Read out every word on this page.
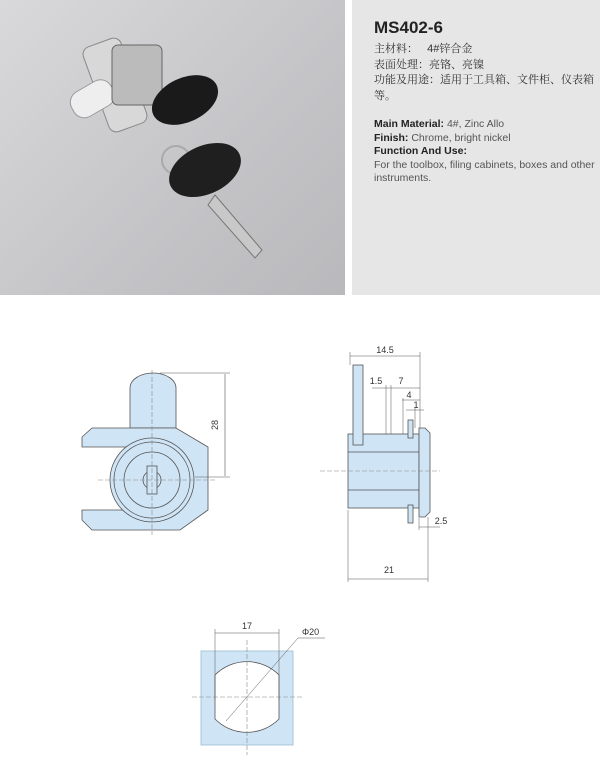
MS402-6
主材料： 4#锌合金
表面处理：亮铬、亮镍
功能及用途：适用于工具箱、文件柜、仪表箱等。
Main Material: 4#, Zinc Allo
Finish: Chrome, bright nickel
Function And Use:
For the toolbox, filing cabinets, boxes and other instruments.
28
14.5
1.5 7
4
1
2.5
21
17
Φ20
